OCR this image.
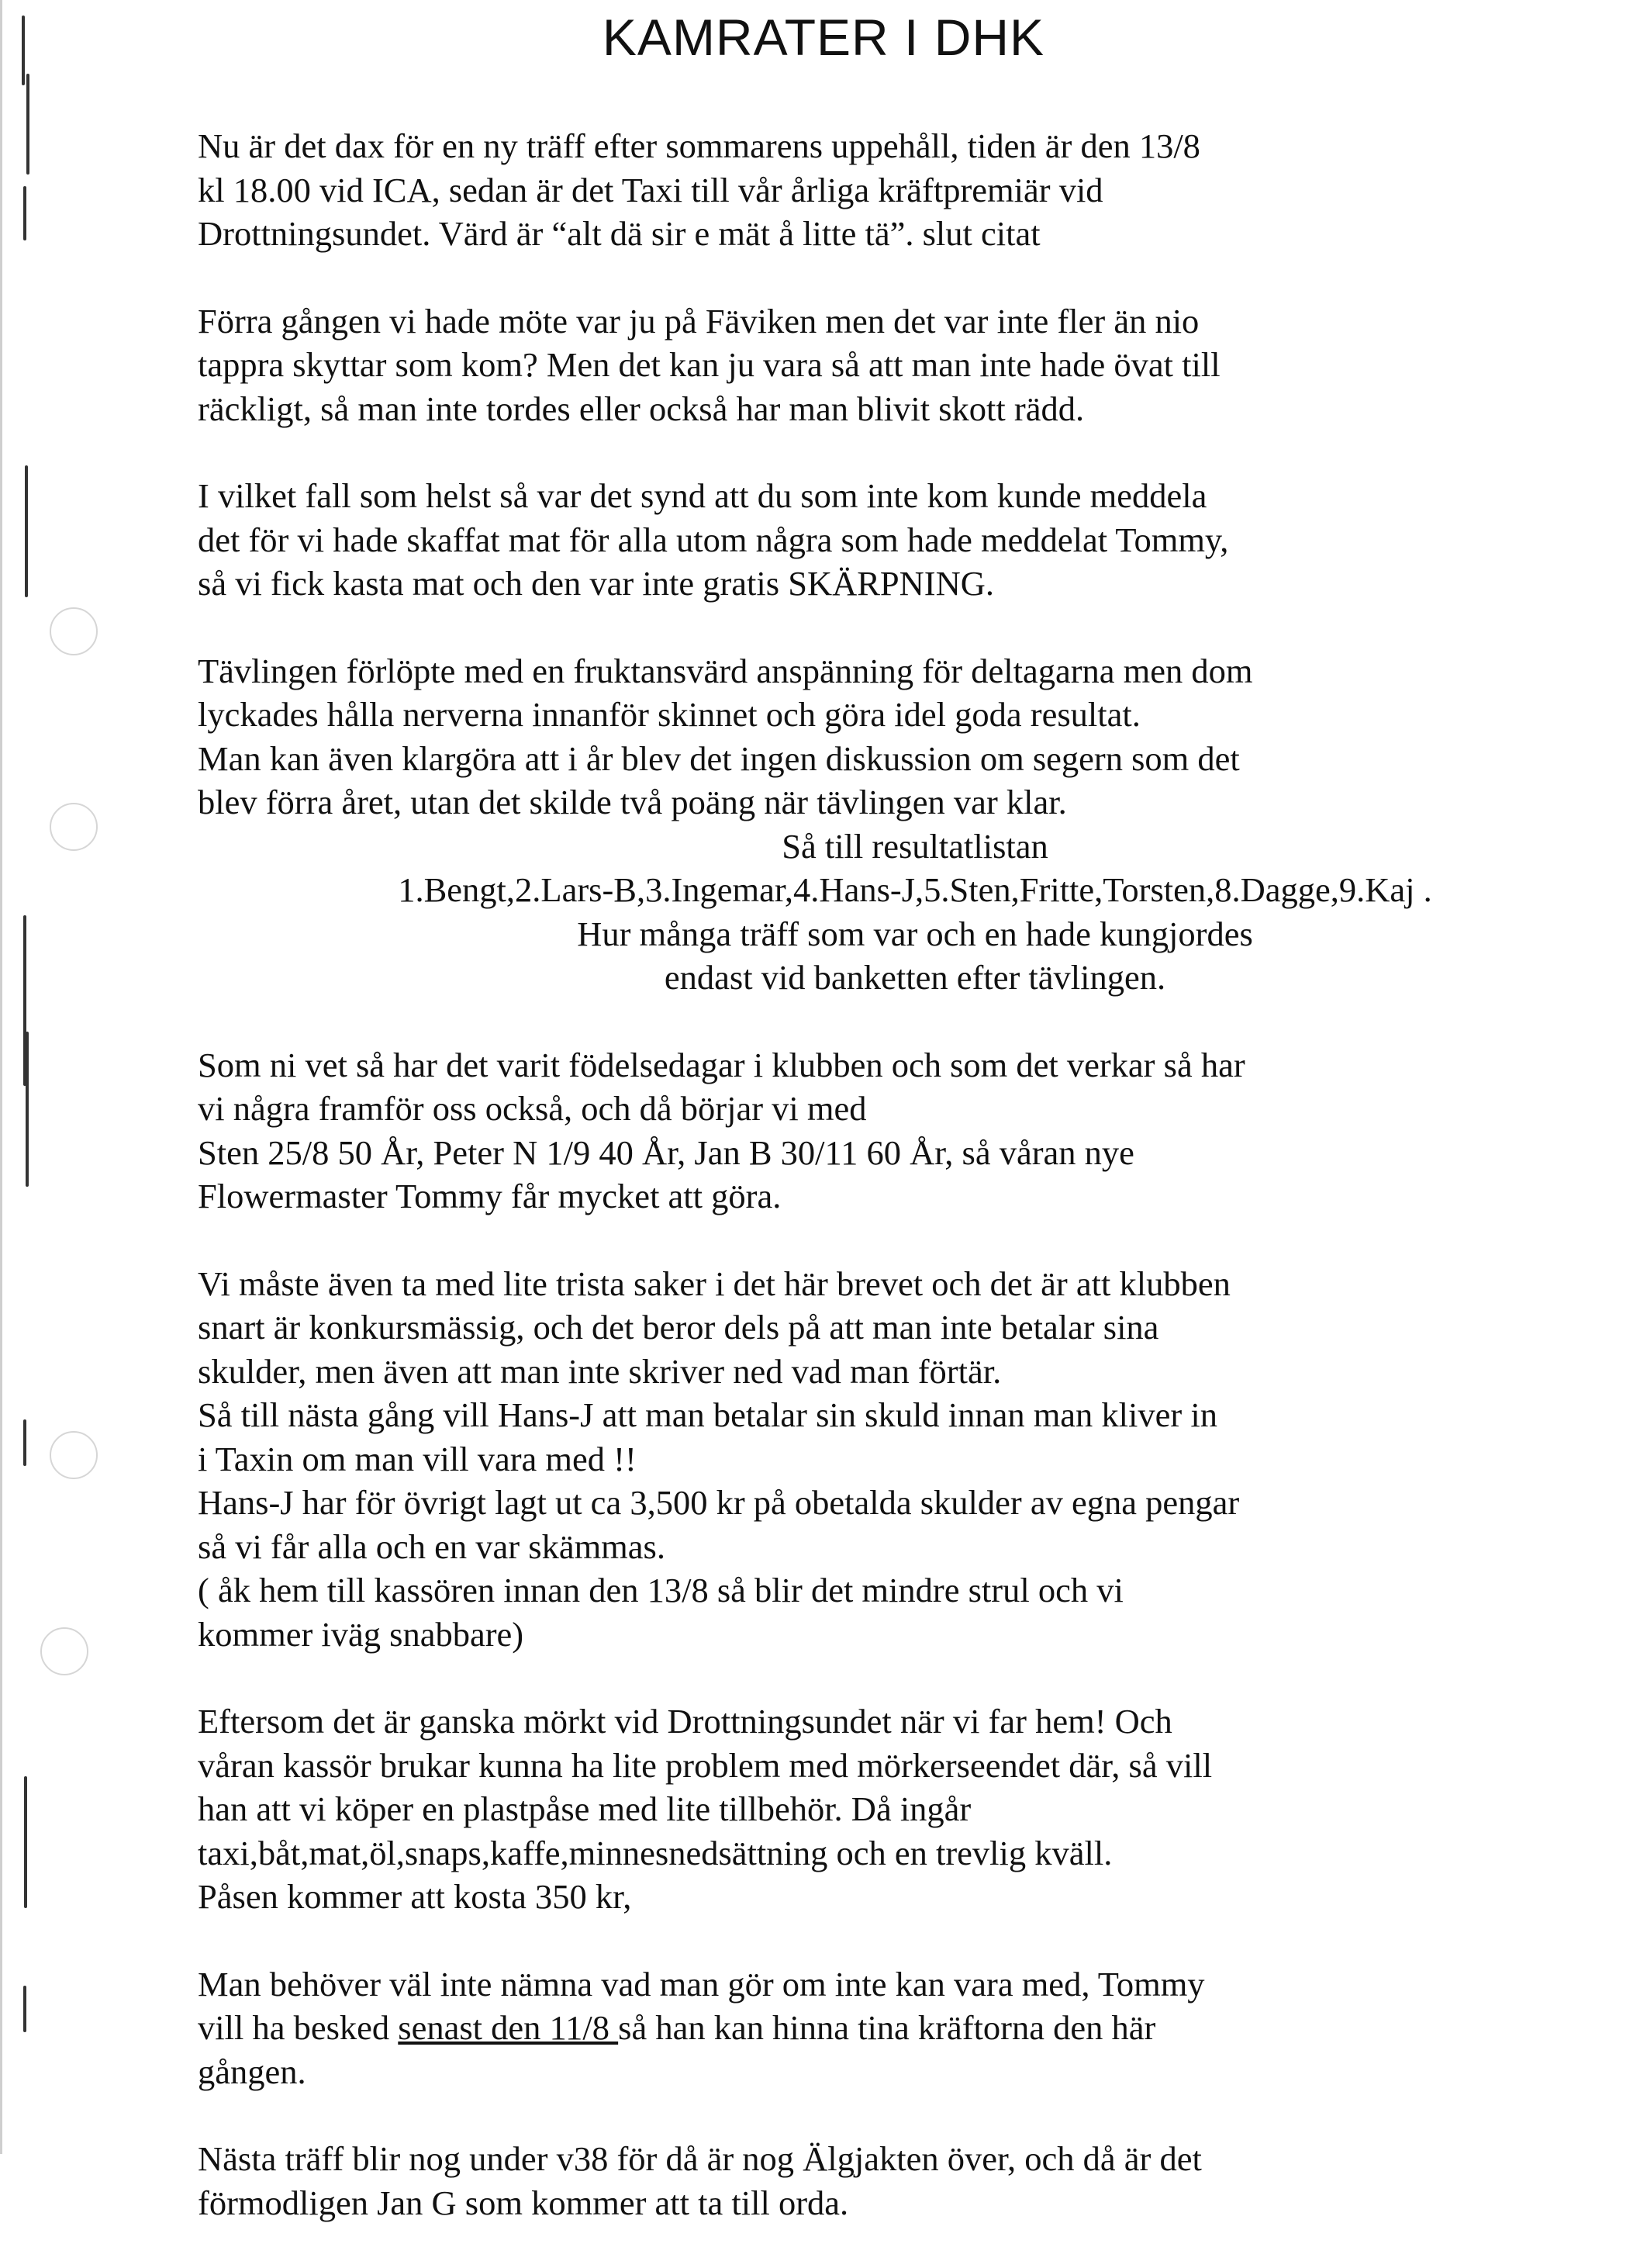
KAMRATER I DHK

Nu är det dax för en ny träff efter sommarens uppehåll, tiden är den 13/8
kl 18.00 vid ICA, sedan är det Taxi till vår årliga kräftpremiär vid
Drottningsundet. Värd är “alt dä sir e mät å litte tä”. slut citat

Förra gången vi hade möte var ju på Fäviken men det var inte fler än nio
tappra skyttar som kom? Men det kan ju vara så att man inte hade övat till
räckligt, så man inte tordes eller också har man blivit skott rädd.

I vilket fall som helst så var det synd att du som inte kom kunde meddela
det för vi hade skaffat mat för alla utom några som hade meddelat Tommy,
så vi fick kasta mat och den var inte gratis SKÄRPNING.

Tävlingen förlöpte med en fruktansvärd anspänning för deltagarna men dom
lyckades hålla nerverna innanför skinnet och göra idel goda resultat.
Man kan även klargöra att i år blev det ingen diskussion om segern som det
blev förra året, utan det skilde två poäng när tävlingen var klar.
Så till resultatlistan
1.Bengt,2.Lars-B,3.Ingemar,4.Hans-J,5.Sten,Fritte,Torsten,8.Dagge,9.Kaj .
Hur många träff som var och en hade kungjordes
endast vid banketten efter tävlingen.

Som ni vet så har det varit födelsedagar i klubben och som det verkar så har
vi några framför oss också, och då börjar vi med
Sten 25/8 50 År, Peter N 1/9 40 År, Jan B 30/11 60 År, så våran nye
Flowermaster Tommy får mycket att göra.

Vi måste även ta med lite trista saker i det här brevet och det är att klubben
snart är konkursmässig, och det beror dels på att man inte betalar sina
skulder, men även att man inte skriver ned vad man förtär.
Så till nästa gång vill Hans-J att man betalar sin skuld innan man kliver in
i Taxin om man vill vara med !!
Hans-J har för övrigt lagt ut ca 3,500 kr på obetalda skulder av egna pengar
så vi får alla och en var skämmas.
( åk hem till kassören innan den 13/8 så blir det mindre strul och vi
kommer iväg snabbare)

Eftersom det är ganska mörkt vid Drottningsundet när vi far hem! Och
våran kassör brukar kunna ha lite problem med mörkerseendet där, så vill
han att vi köper en plastpåse med lite tillbehör. Då ingår
taxi,båt,mat,öl,snaps,kaffe,minnesnedsättning och en trevlig kväll.
Påsen kommer att kosta 350 kr,

Man behöver väl inte nämna vad man gör om inte kan vara med, Tommy
vill ha besked senast den 11/8 så han kan hinna tina kräftorna den här
gången.

Nästa träff blir nog under v38 för då är nog Älgjakten över, och då är det
förmodligen Jan G som kommer att ta till orda.
